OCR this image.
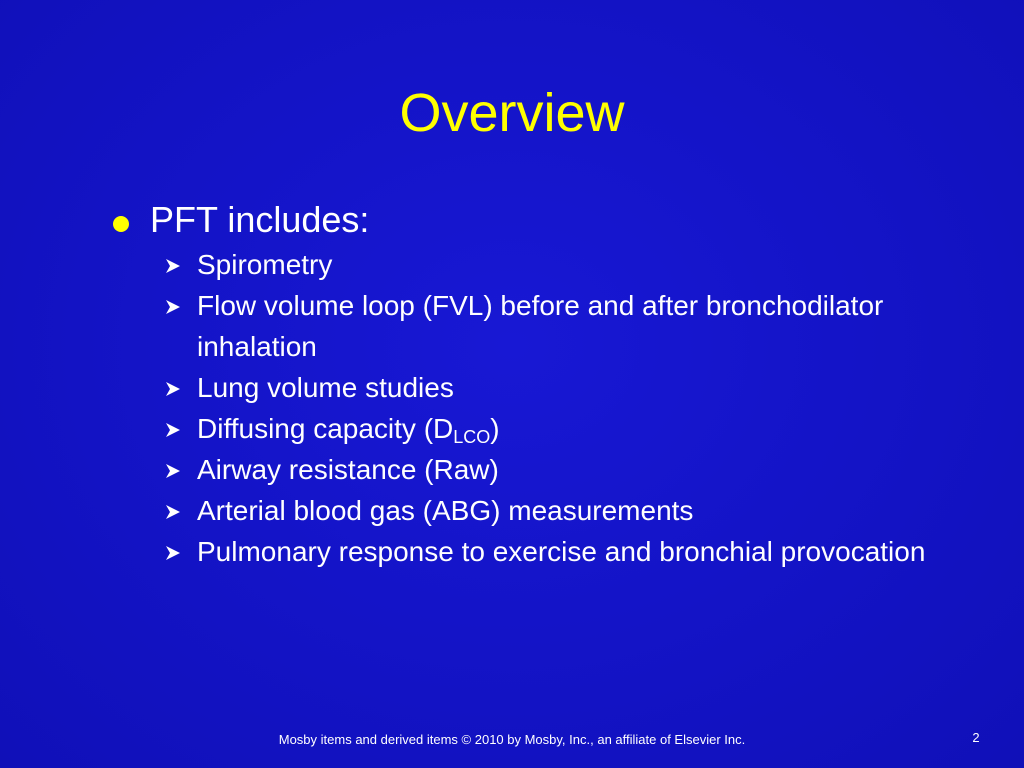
Overview
PFT includes:
Spirometry
Flow volume loop (FVL) before and after bronchodilator inhalation
Lung volume studies
Diffusing capacity $(D_{LCO})$
Airway resistance (Raw)
Arterial blood gas (ABG) measurements
Pulmonary response to exercise and bronchial provocation
Mosby items and derived items © 2010 by Mosby, Inc., an affiliate of Elsevier Inc.	2
